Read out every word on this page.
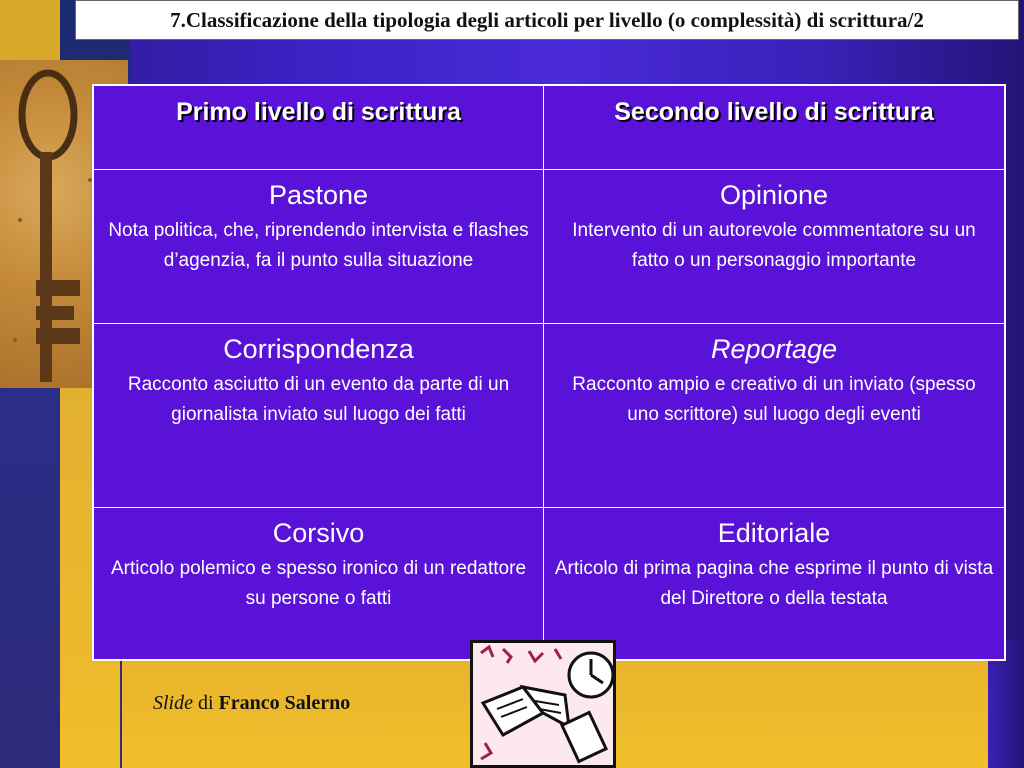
7.Classificazione della tipologia degli articoli per livello (o complessità) di scrittura/2
Primo livello di scrittura	Secondo livello di scrittura
Pastone
Nota politica, che, riprendendo intervista e flashes d’agenzia, fa il punto sulla situazione
Opinione
Intervento di un autorevole commentatore su un fatto o un personaggio importante
Corrispondenza
Racconto asciutto di un evento da parte di un giornalista inviato sul luogo dei fatti
Reportage
Racconto ampio e creativo di un inviato (spesso uno scrittore) sul luogo degli eventi
Corsivo
Articolo polemico e spesso ironico di un redattore su persone o fatti
Editoriale
Articolo di prima pagina che esprime il punto di vista del Direttore o della testata
Slide di Franco Salerno
